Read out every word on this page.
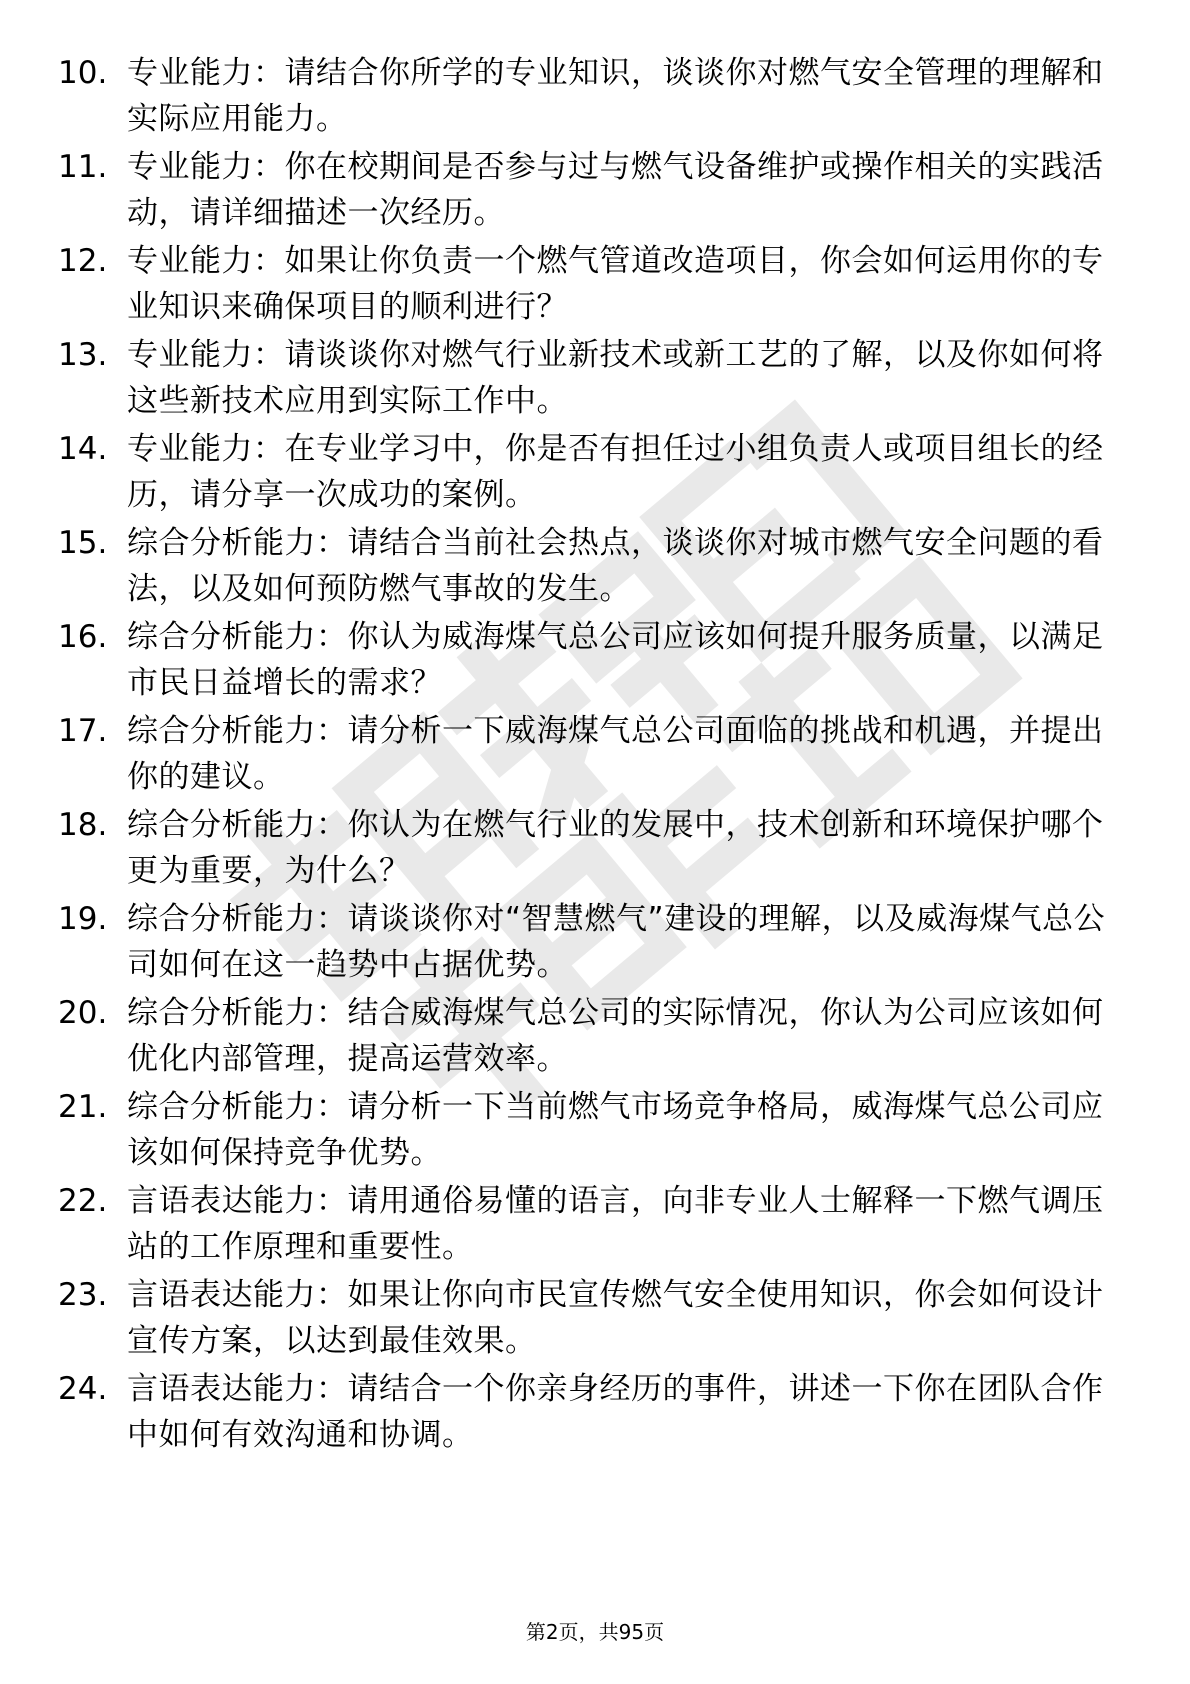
10. 专业能力：请结合你所学的专业知识，谈谈你对燃气安全管理的理解和实际应用能力。
11. 专业能力：你在校期间是否参与过与燃气设备维护或操作相关的实践活动，请详细描述一次经历。
12. 专业能力：如果让你负责一个燃气管道改造项目，你会如何运用你的专业知识来确保项目的顺利进行？
13. 专业能力：请谈谈你对燃气行业新技术或新工艺的了解，以及你如何将这些新技术应用到实际工作中。
14. 专业能力：在专业学习中，你是否有担任过小组负责人或项目组长的经历，请分享一次成功的案例。
15. 综合分析能力：请结合当前社会热点，谈谈你对城市燃气安全问题的看法，以及如何预防燃气事故的发生。
16. 综合分析能力：你认为威海煤气总公司应该如何提升服务质量，以满足市民日益增长的需求？
17. 综合分析能力：请分析一下威海煤气总公司面临的挑战和机遇，并提出你的建议。
18. 综合分析能力：你认为在燃气行业的发展中，技术创新和环境保护哪个更为重要，为什么？
19. 综合分析能力：请谈谈你对“智慧燃气”建设的理解，以及威海煤气总公司如何在这一趋势中占据优势。
20. 综合分析能力：结合威海煤气总公司的实际情况，你认为公司应该如何优化内部管理，提高运营效率。
21. 综合分析能力：请分析一下当前燃气市场竞争格局，威海煤气总公司应该如何保持竞争优势。
22. 言语表达能力：请用通俗易懂的语言，向非专业人士解释一下燃气调压站的工作原理和重要性。
23. 言语表达能力：如果让你向市民宣传燃气安全使用知识，你会如何设计宣传方案，以达到最佳效果。
24. 言语表达能力：请结合一个你亲身经历的事件，讲述一下你在团队合作中如何有效沟通和协调。
第2页，共95页
